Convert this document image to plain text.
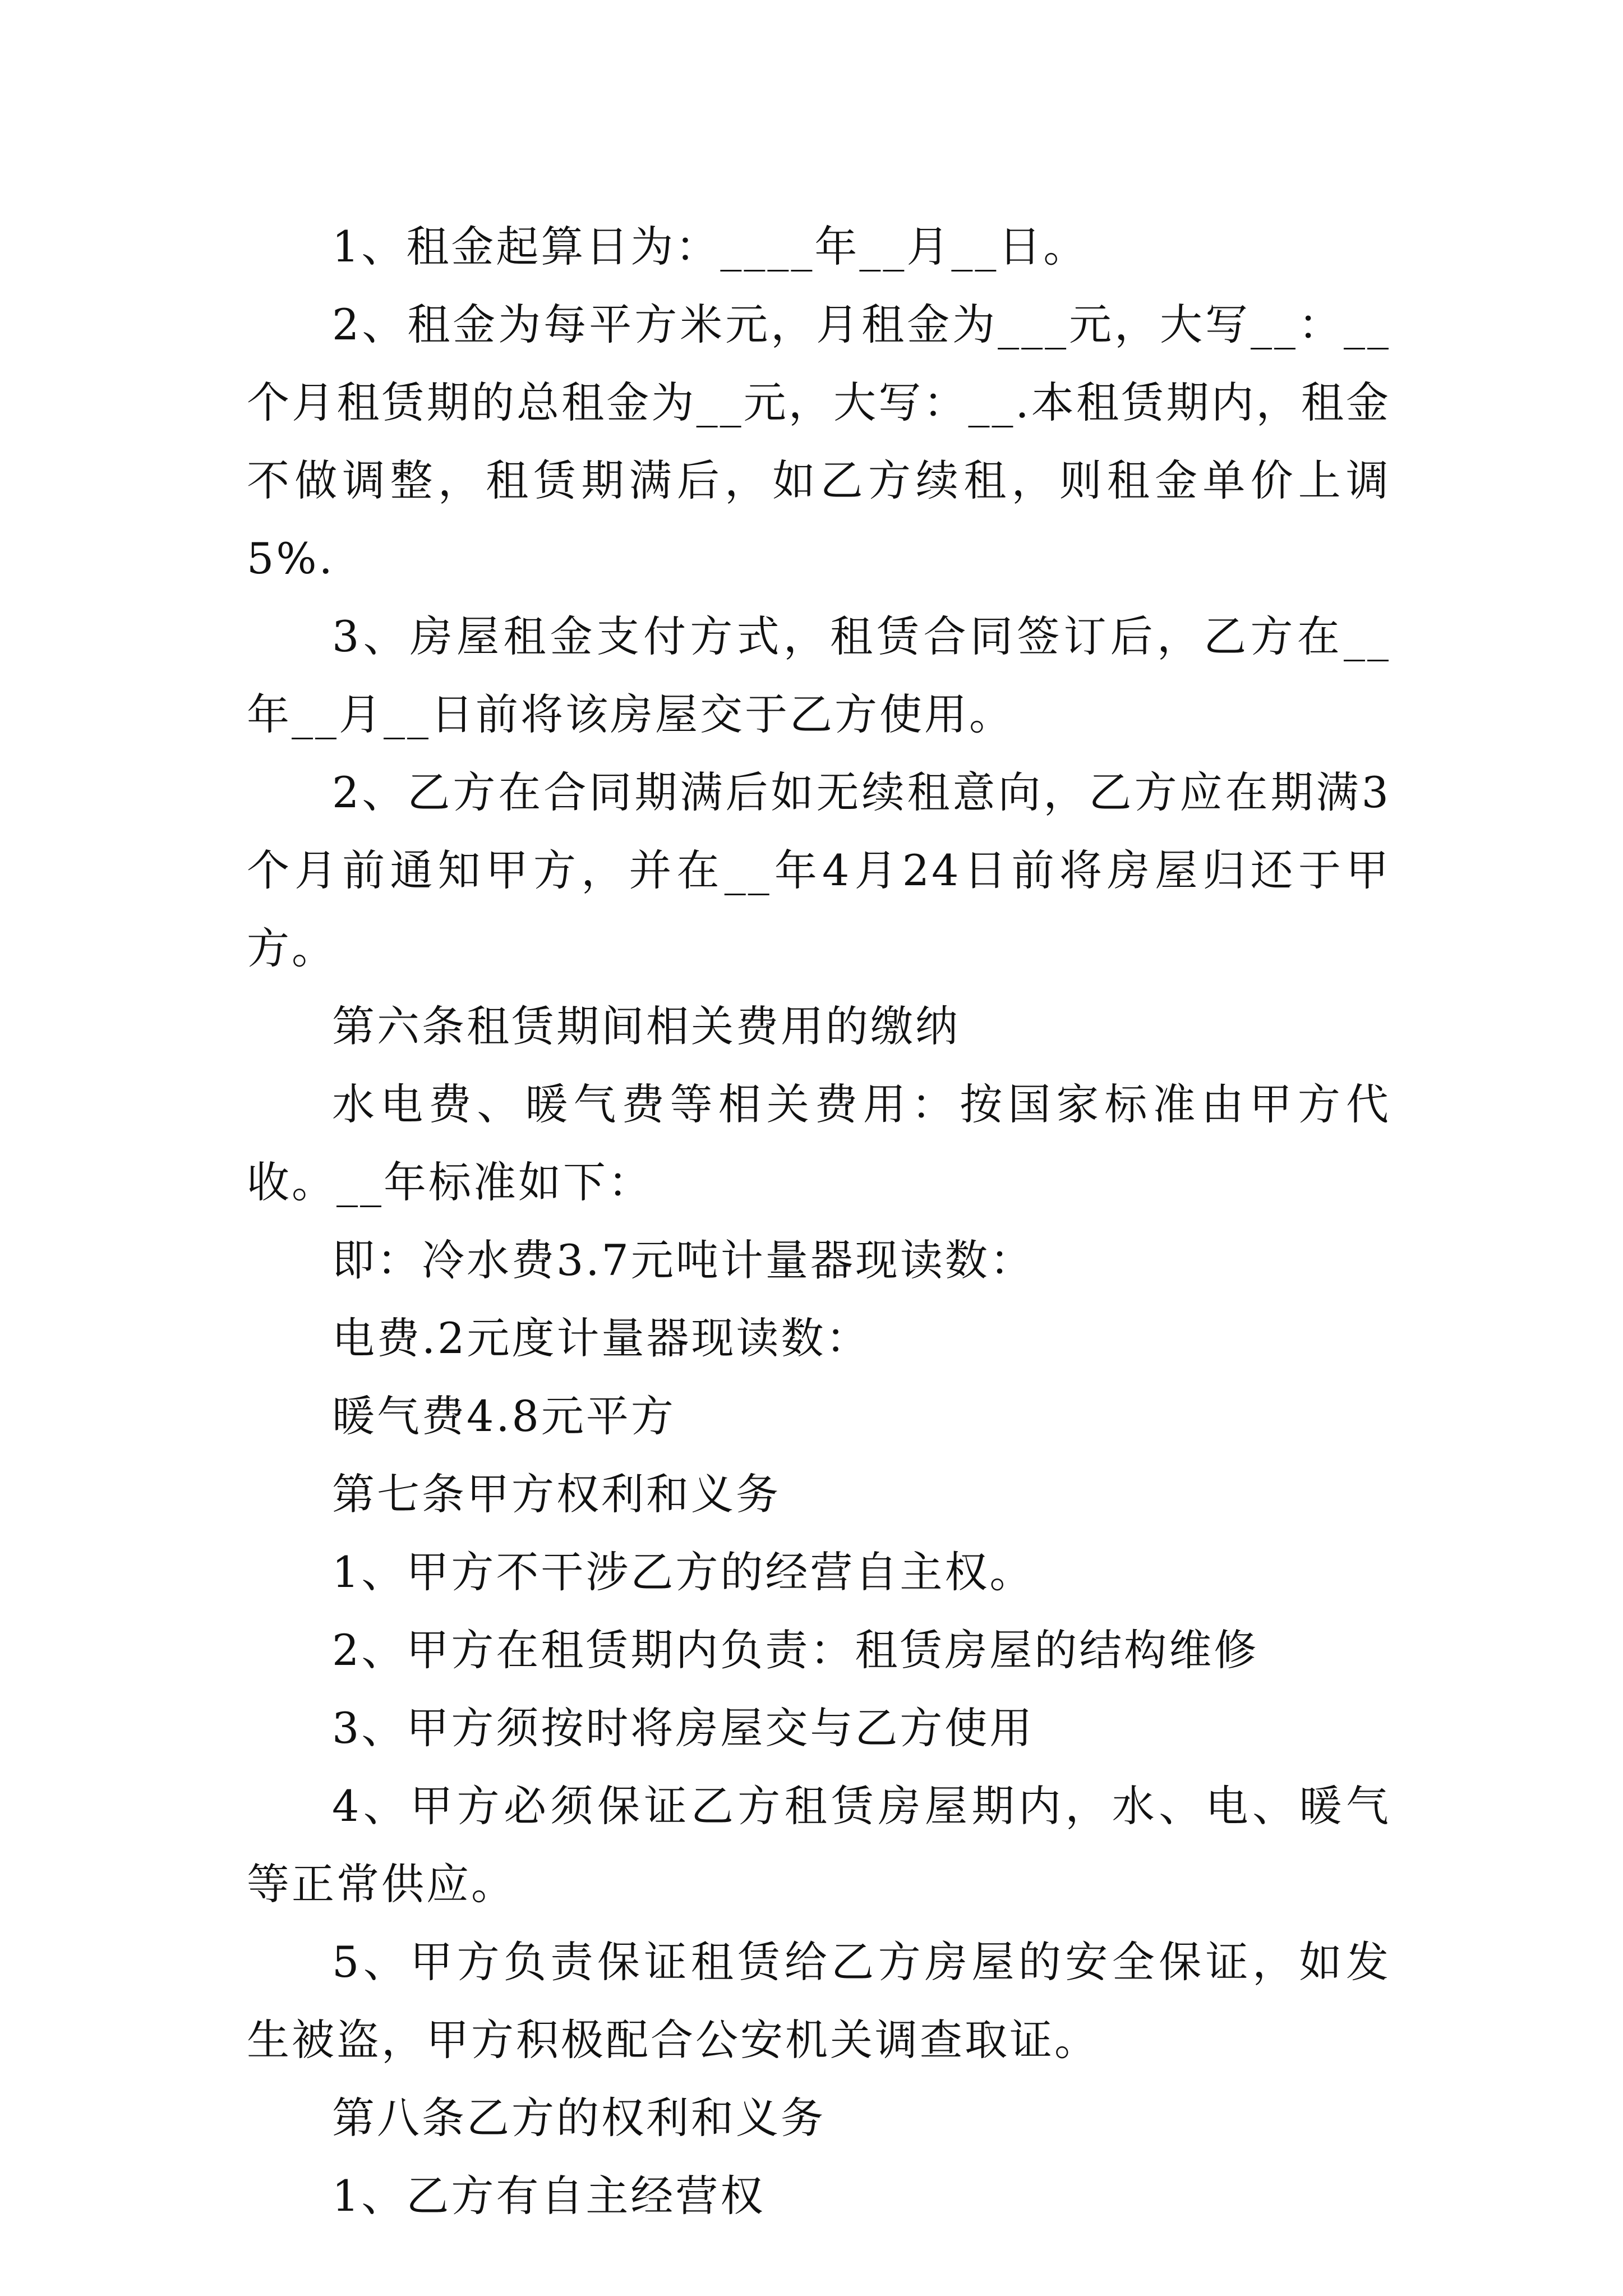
1、租金起算日为：____年__月__日。

2、租金为每平方米元，月租金为___元，大写__：__个月租赁期的总租金为__元，大写：__.本租赁期内，租金不做调整，租赁期满后，如乙方续租，则租金单价上调5%.

3、房屋租金支付方式，租赁合同签订后，乙方在__年__月__日前将该房屋交于乙方使用。

2、乙方在合同期满后如无续租意向，乙方应在期满3个月前通知甲方，并在__年4月24日前将房屋归还于甲方。

第六条租赁期间相关费用的缴纳

水电费、暖气费等相关费用：按国家标准由甲方代收。__年标准如下：

即：冷水费3.7元吨计量器现读数：

电费.2元度计量器现读数：

暖气费4.8元平方

第七条甲方权利和义务

1、甲方不干涉乙方的经营自主权。

2、甲方在租赁期内负责：租赁房屋的结构维修

3、甲方须按时将房屋交与乙方使用

4、甲方必须保证乙方租赁房屋期内，水、电、暖气等正常供应。

5、甲方负责保证租赁给乙方房屋的安全保证，如发生被盗，甲方积极配合公安机关调查取证。

第八条乙方的权利和义务

1、乙方有自主经营权
